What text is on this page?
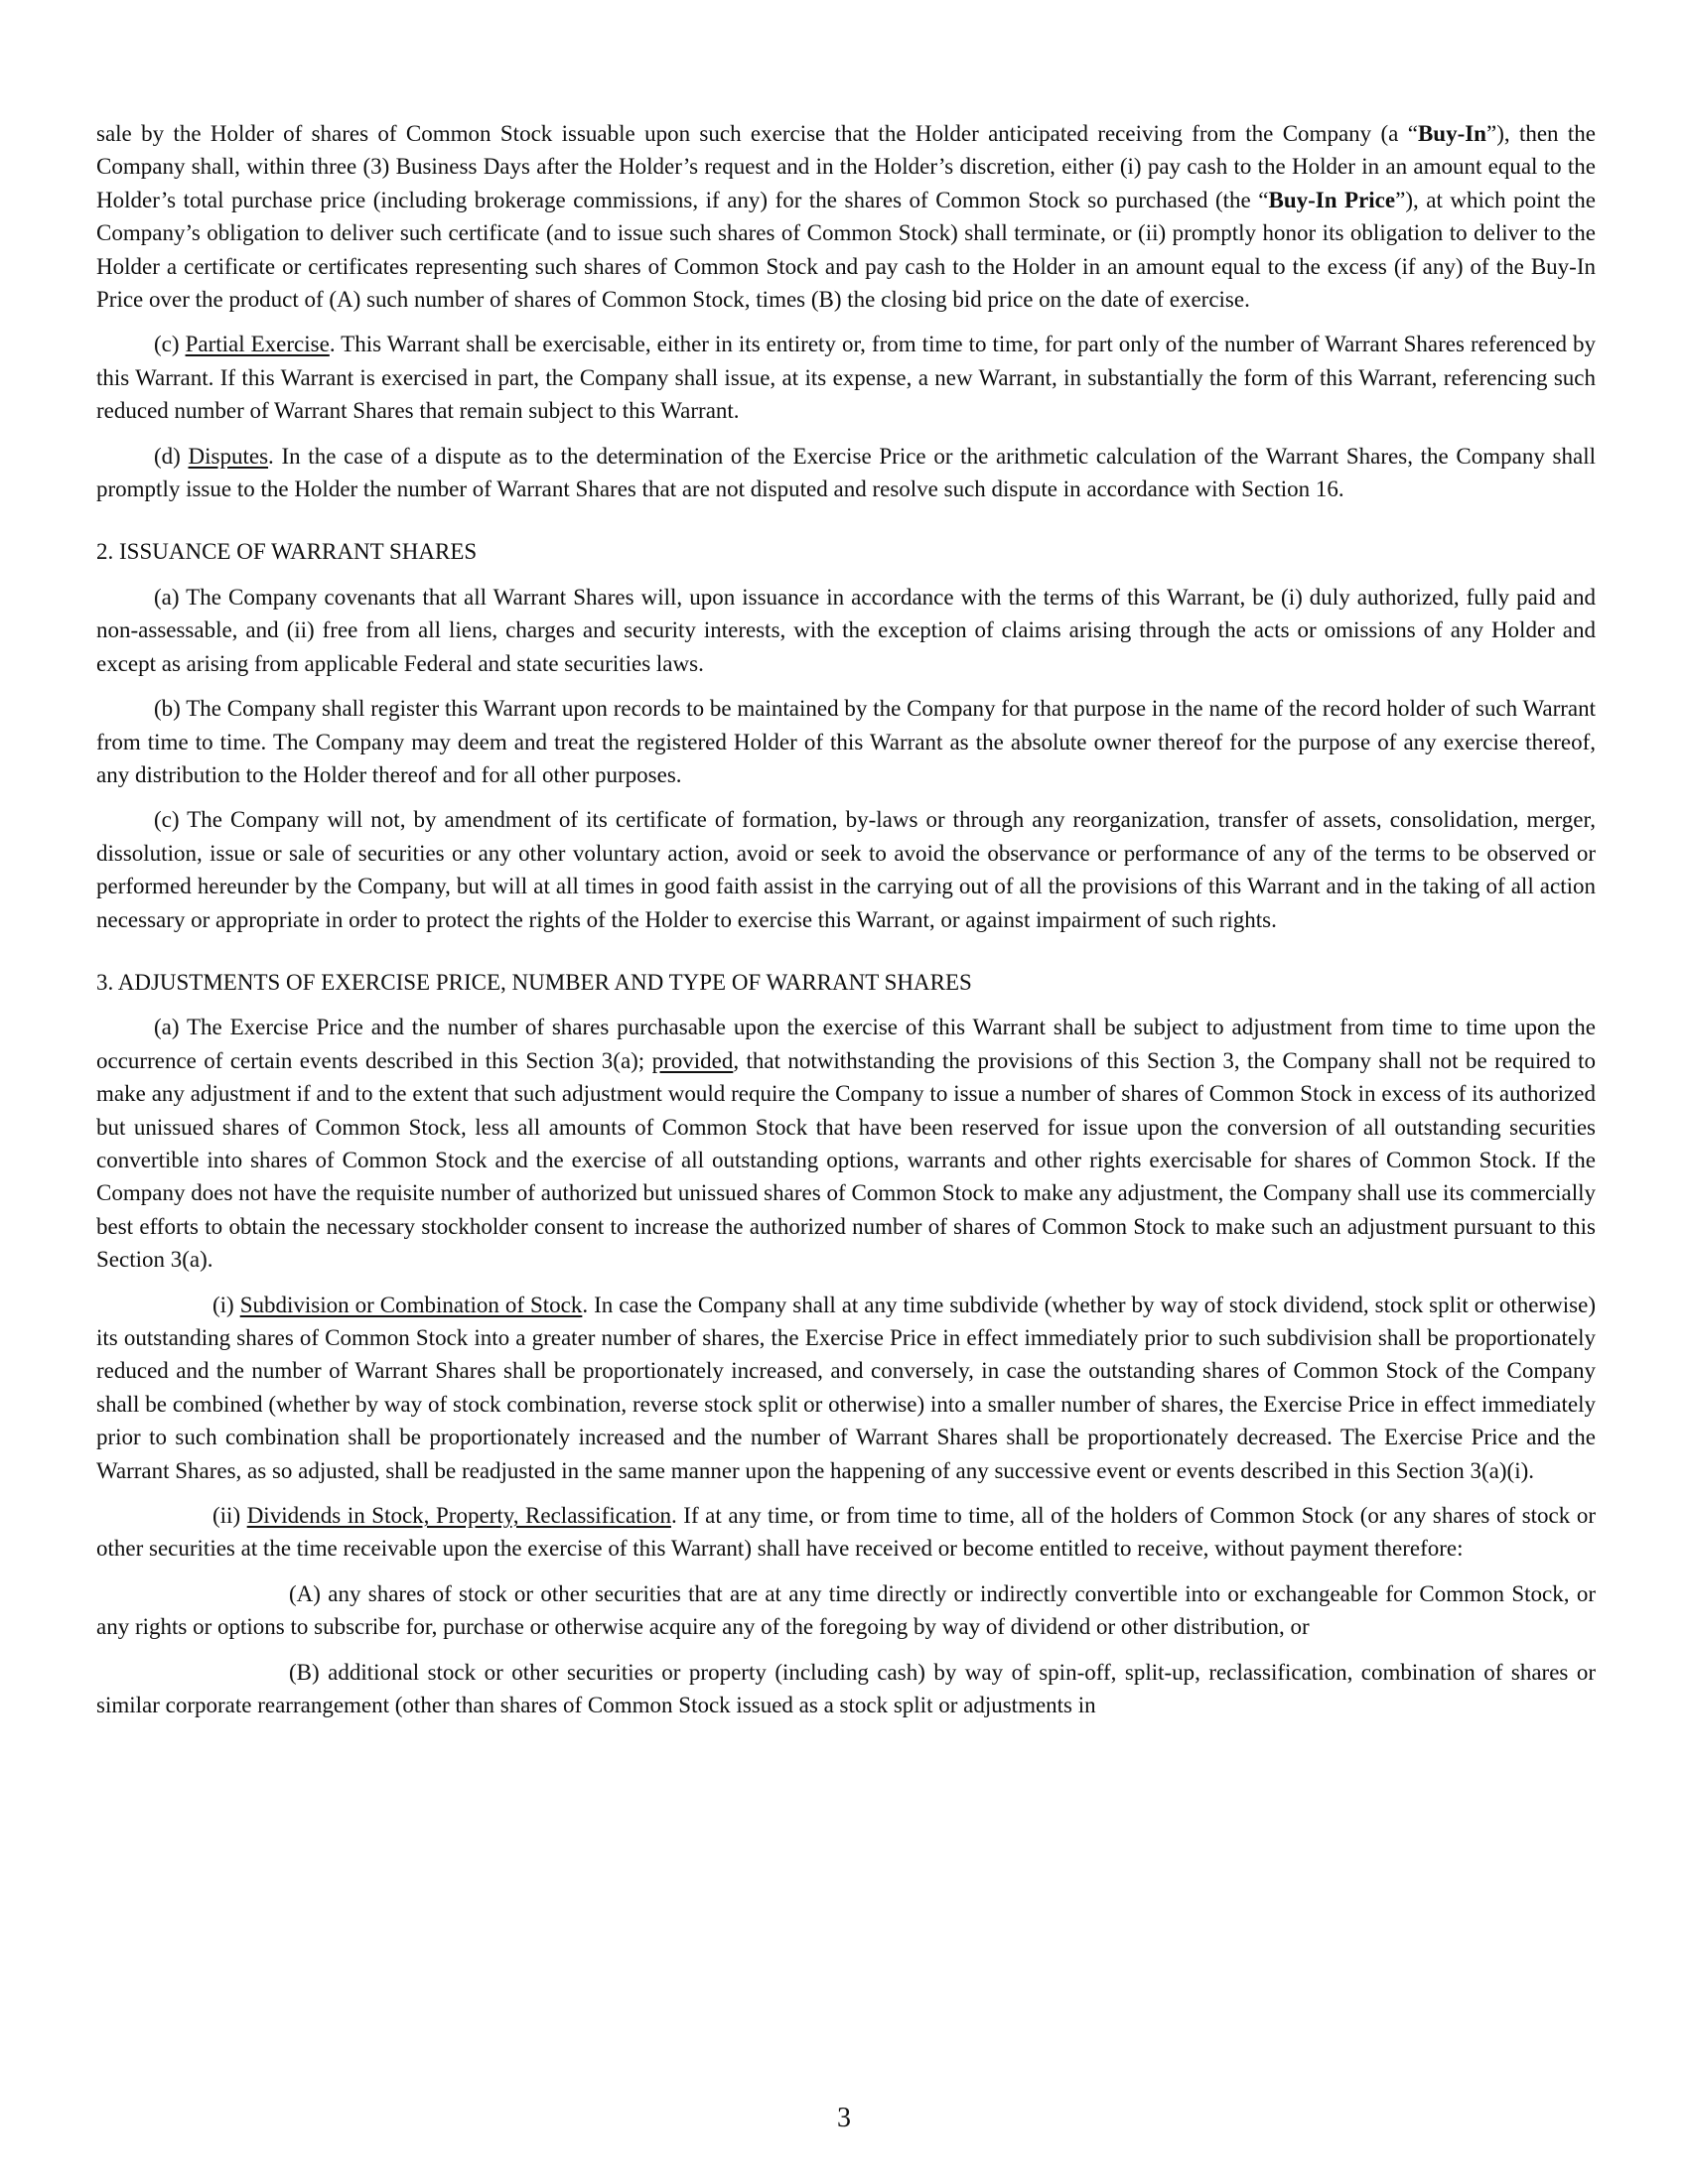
sale by the Holder of shares of Common Stock issuable upon such exercise that the Holder anticipated receiving from the Company (a “Buy-In”), then the Company shall, within three (3) Business Days after the Holder’s request and in the Holder’s discretion, either (i) pay cash to the Holder in an amount equal to the Holder’s total purchase price (including brokerage commissions, if any) for the shares of Common Stock so purchased (the “Buy-In Price”), at which point the Company’s obligation to deliver such certificate (and to issue such shares of Common Stock) shall terminate, or (ii) promptly honor its obligation to deliver to the Holder a certificate or certificates representing such shares of Common Stock and pay cash to the Holder in an amount equal to the excess (if any) of the Buy-In Price over the product of (A) such number of shares of Common Stock, times (B) the closing bid price on the date of exercise.

(c) Partial Exercise. This Warrant shall be exercisable, either in its entirety or, from time to time, for part only of the number of Warrant Shares referenced by this Warrant. If this Warrant is exercised in part, the Company shall issue, at its expense, a new Warrant, in substantially the form of this Warrant, referencing such reduced number of Warrant Shares that remain subject to this Warrant.

(d) Disputes. In the case of a dispute as to the determination of the Exercise Price or the arithmetic calculation of the Warrant Shares, the Company shall promptly issue to the Holder the number of Warrant Shares that are not disputed and resolve such dispute in accordance with Section 16.

2. ISSUANCE OF WARRANT SHARES

(a) The Company covenants that all Warrant Shares will, upon issuance in accordance with the terms of this Warrant, be (i) duly authorized, fully paid and non-assessable, and (ii) free from all liens, charges and security interests, with the exception of claims arising through the acts or omissions of any Holder and except as arising from applicable Federal and state securities laws.

(b) The Company shall register this Warrant upon records to be maintained by the Company for that purpose in the name of the record holder of such Warrant from time to time. The Company may deem and treat the registered Holder of this Warrant as the absolute owner thereof for the purpose of any exercise thereof, any distribution to the Holder thereof and for all other purposes.

(c) The Company will not, by amendment of its certificate of formation, by-laws or through any reorganization, transfer of assets, consolidation, merger, dissolution, issue or sale of securities or any other voluntary action, avoid or seek to avoid the observance or performance of any of the terms to be observed or performed hereunder by the Company, but will at all times in good faith assist in the carrying out of all the provisions of this Warrant and in the taking of all action necessary or appropriate in order to protect the rights of the Holder to exercise this Warrant, or against impairment of such rights.

3. ADJUSTMENTS OF EXERCISE PRICE, NUMBER AND TYPE OF WARRANT SHARES

(a) The Exercise Price and the number of shares purchasable upon the exercise of this Warrant shall be subject to adjustment from time to time upon the occurrence of certain events described in this Section 3(a); provided, that notwithstanding the provisions of this Section 3, the Company shall not be required to make any adjustment if and to the extent that such adjustment would require the Company to issue a number of shares of Common Stock in excess of its authorized but unissued shares of Common Stock, less all amounts of Common Stock that have been reserved for issue upon the conversion of all outstanding securities convertible into shares of Common Stock and the exercise of all outstanding options, warrants and other rights exercisable for shares of Common Stock. If the Company does not have the requisite number of authorized but unissued shares of Common Stock to make any adjustment, the Company shall use its commercially best efforts to obtain the necessary stockholder consent to increase the authorized number of shares of Common Stock to make such an adjustment pursuant to this Section 3(a).

(i) Subdivision or Combination of Stock. In case the Company shall at any time subdivide (whether by way of stock dividend, stock split or otherwise) its outstanding shares of Common Stock into a greater number of shares, the Exercise Price in effect immediately prior to such subdivision shall be proportionately reduced and the number of Warrant Shares shall be proportionately increased, and conversely, in case the outstanding shares of Common Stock of the Company shall be combined (whether by way of stock combination, reverse stock split or otherwise) into a smaller number of shares, the Exercise Price in effect immediately prior to such combination shall be proportionately increased and the number of Warrant Shares shall be proportionately decreased. The Exercise Price and the Warrant Shares, as so adjusted, shall be readjusted in the same manner upon the happening of any successive event or events described in this Section 3(a)(i).

(ii) Dividends in Stock, Property, Reclassification. If at any time, or from time to time, all of the holders of Common Stock (or any shares of stock or other securities at the time receivable upon the exercise of this Warrant) shall have received or become entitled to receive, without payment therefore:

(A) any shares of stock or other securities that are at any time directly or indirectly convertible into or exchangeable for Common Stock, or any rights or options to subscribe for, purchase or otherwise acquire any of the foregoing by way of dividend or other distribution, or

(B) additional stock or other securities or property (including cash) by way of spin-off, split-up, reclassification, combination of shares or similar corporate rearrangement (other than shares of Common Stock issued as a stock split or adjustments in

3
